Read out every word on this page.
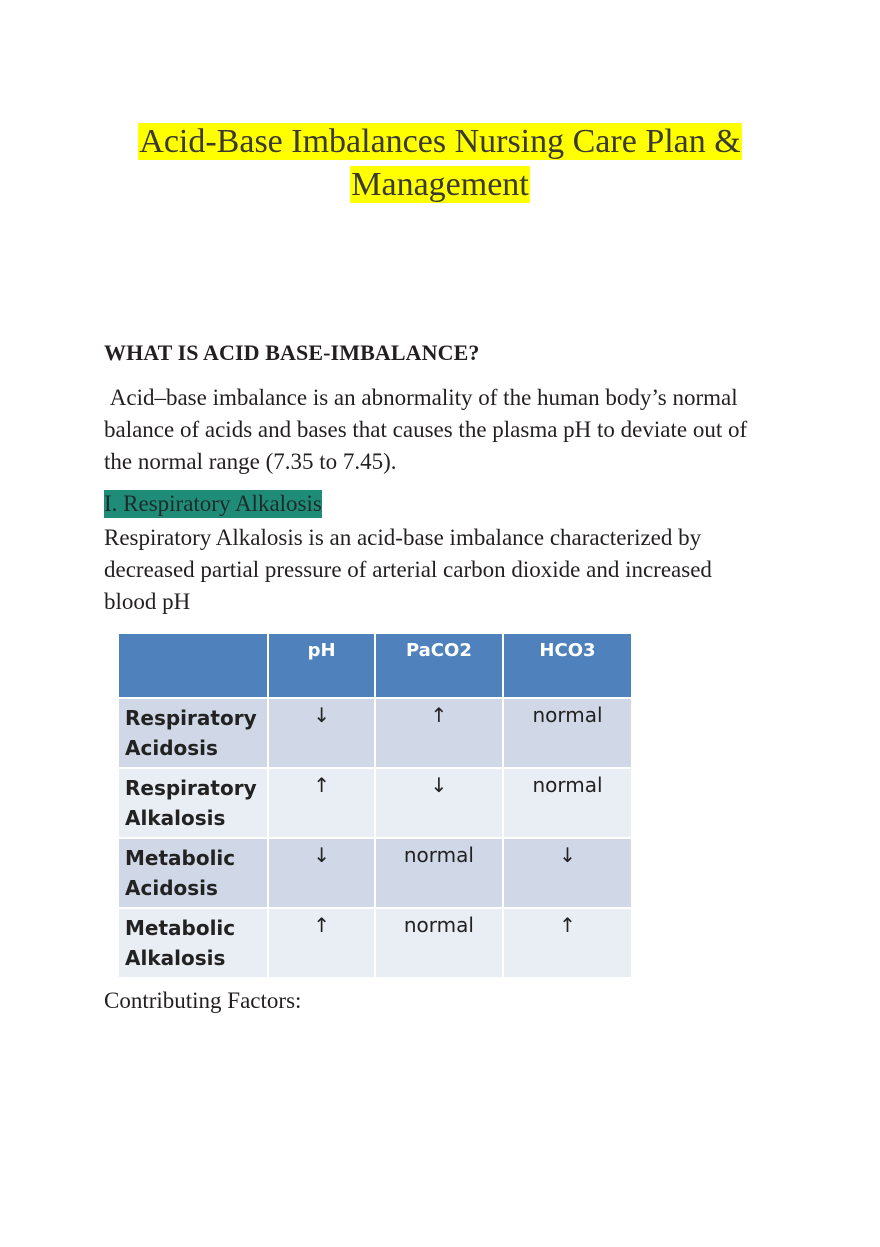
Acid-Base Imbalances Nursing Care Plan &
Management
WHAT IS ACID BASE-IMBALANCE?
Acid–base imbalance is an abnormality of the human body’s normal balance of acids and bases that causes the plasma pH to deviate out of the normal range (7.35 to 7.45).
I. Respiratory Alkalosis
Respiratory Alkalosis is an acid-base imbalance characterized by decreased partial pressure of arterial carbon dioxide and increased blood pH
	pH	PaCO2	HCO3
Respiratory
Acidosis	↓	↑	normal
Respiratory
Alkalosis	↑	↓	normal
Metabolic
Acidosis	↓	normal	↓
Metabolic
Alkalosis	↑	normal	↑
Contributing Factors:
